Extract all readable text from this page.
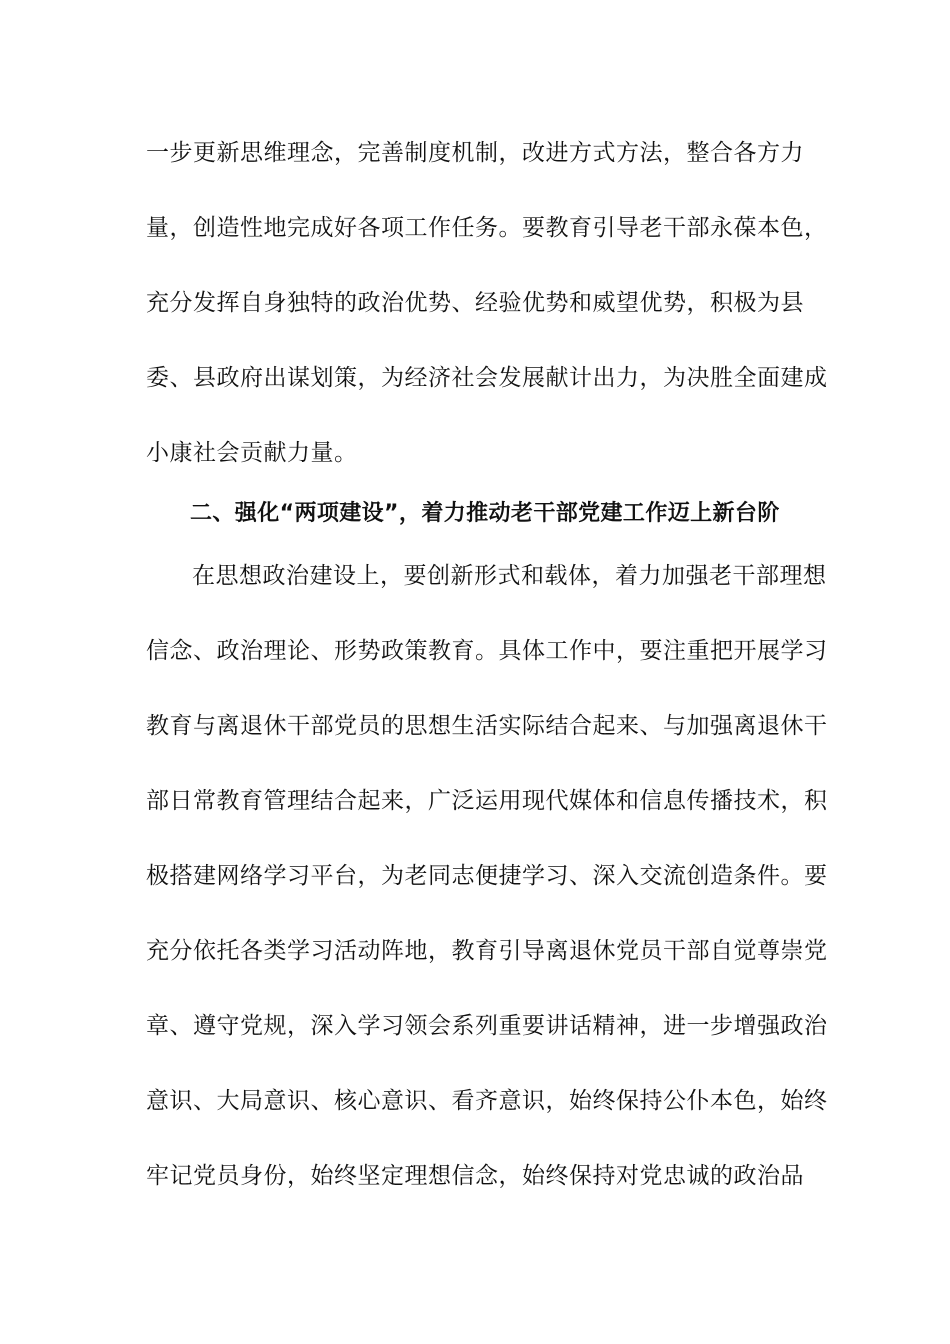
一步更新思维理念，完善制度机制，改进方式方法，整合各方力
量，创造性地完成好各项工作任务。要教育引导老干部永葆本色，
充分发挥自身独特的政治优势、经验优势和威望优势，积极为县
委、县政府出谋划策，为经济社会发展献计出力，为决胜全面建成
小康社会贡献力量。
二、强化“两项建设”，着力推动老干部党建工作迈上新台阶
在思想政治建设上，要创新形式和载体，着力加强老干部理想
信念、政治理论、形势政策教育。具体工作中，要注重把开展学习
教育与离退休干部党员的思想生活实际结合起来、与加强离退休干
部日常教育管理结合起来，广泛运用现代媒体和信息传播技术，积
极搭建网络学习平台，为老同志便捷学习、深入交流创造条件。要
充分依托各类学习活动阵地，教育引导离退休党员干部自觉尊崇党
章、遵守党规，深入学习领会系列重要讲话精神，进一步增强政治
意识、大局意识、核心意识、看齐意识，始终保持公仆本色，始终
牢记党员身份，始终坚定理想信念，始终保持对党忠诚的政治品
